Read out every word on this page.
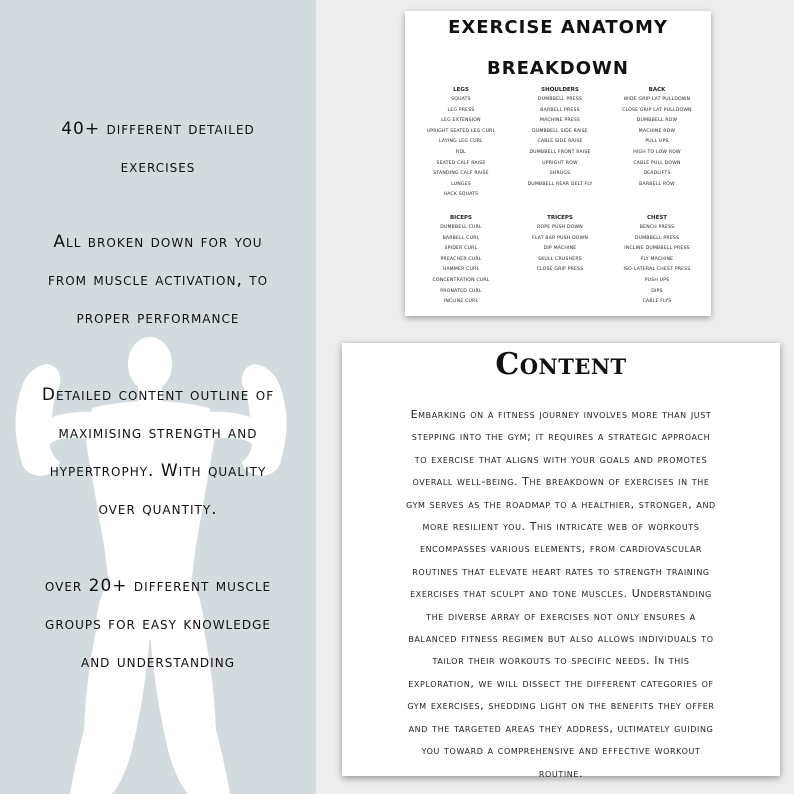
40+ different detailed
exercises
All broken down for you
from muscle activation, to
proper performance
Detailed content outline of
maximising strength and
hypertrophy. With quality
over quantity.
over 20+ different muscle
groups for easy knowledge
and understanding
EXERCISE ANATOMY
BREAKDOWN
LEGS
SQUATS
LEG PRESS
LEG EXTENSION
UPRIGHT SEATED LEG CURL
LAYING LEG CURL
RDL
SEATED CALF RAISE
STANDING CALF RAISE
LUNGES
HACK SQUATS
SHOULDERS
DUMBBELL PRESS
BARBELL PRESS
MACHINE PRESS
DUMBBELL SIDE RAISE
CABLE SIDE RAISE
DUMBBELL FRONT RAISE
UPRIGHT ROW
SHRUGS
DUMBBELL REAR DELT FLY
BACK
WIDE GRIP LAT PULLDOWN
CLOSE GRIP LAT PULLDOWN
DUMBBELL ROW
MACHINE ROW
PULL UPS
HIGH TO LOW ROW
CABLE PULL DOWN
DEADLIFTS
BARBELL ROW
BICEPS
DUMBBELL CURL
BARBELL CURL
SPIDER CURL
PREACHER CURL
HAMMER CURL
CONCENTRATION CURL
PRONATED CURL
INCLINE CURL
TRICEPS
ROPE PUSH DOWN
FLAT BAR PUSH DOWN
DIP MACHINE
SKULL CRUSHERS
CLOSE GRIP PRESS
CHEST
BENCH PRESS
DUMBBELL PRESS
INCLINE DUMBBELL PRESS
FLY MACHINE
ISO-LATERAL CHEST PRESS
PUSH UPS
DIPS
CABLE FLYS
Content
Embarking on a fitness journey involves more than just
stepping into the gym; it requires a strategic approach
to exercise that aligns with your goals and promotes
overall well-being. The breakdown of exercises in the
gym serves as the roadmap to a healthier, stronger, and
more resilient you. This intricate web of workouts
encompasses various elements, from cardiovascular
routines that elevate heart rates to strength training
exercises that sculpt and tone muscles. Understanding
the diverse array of exercises not only ensures a
balanced fitness regimen but also allows individuals to
tailor their workouts to specific needs. In this
exploration, we will dissect the different categories of
gym exercises, shedding light on the benefits they offer
and the targeted areas they address, ultimately guiding
you toward a comprehensive and effective workout
routine.
